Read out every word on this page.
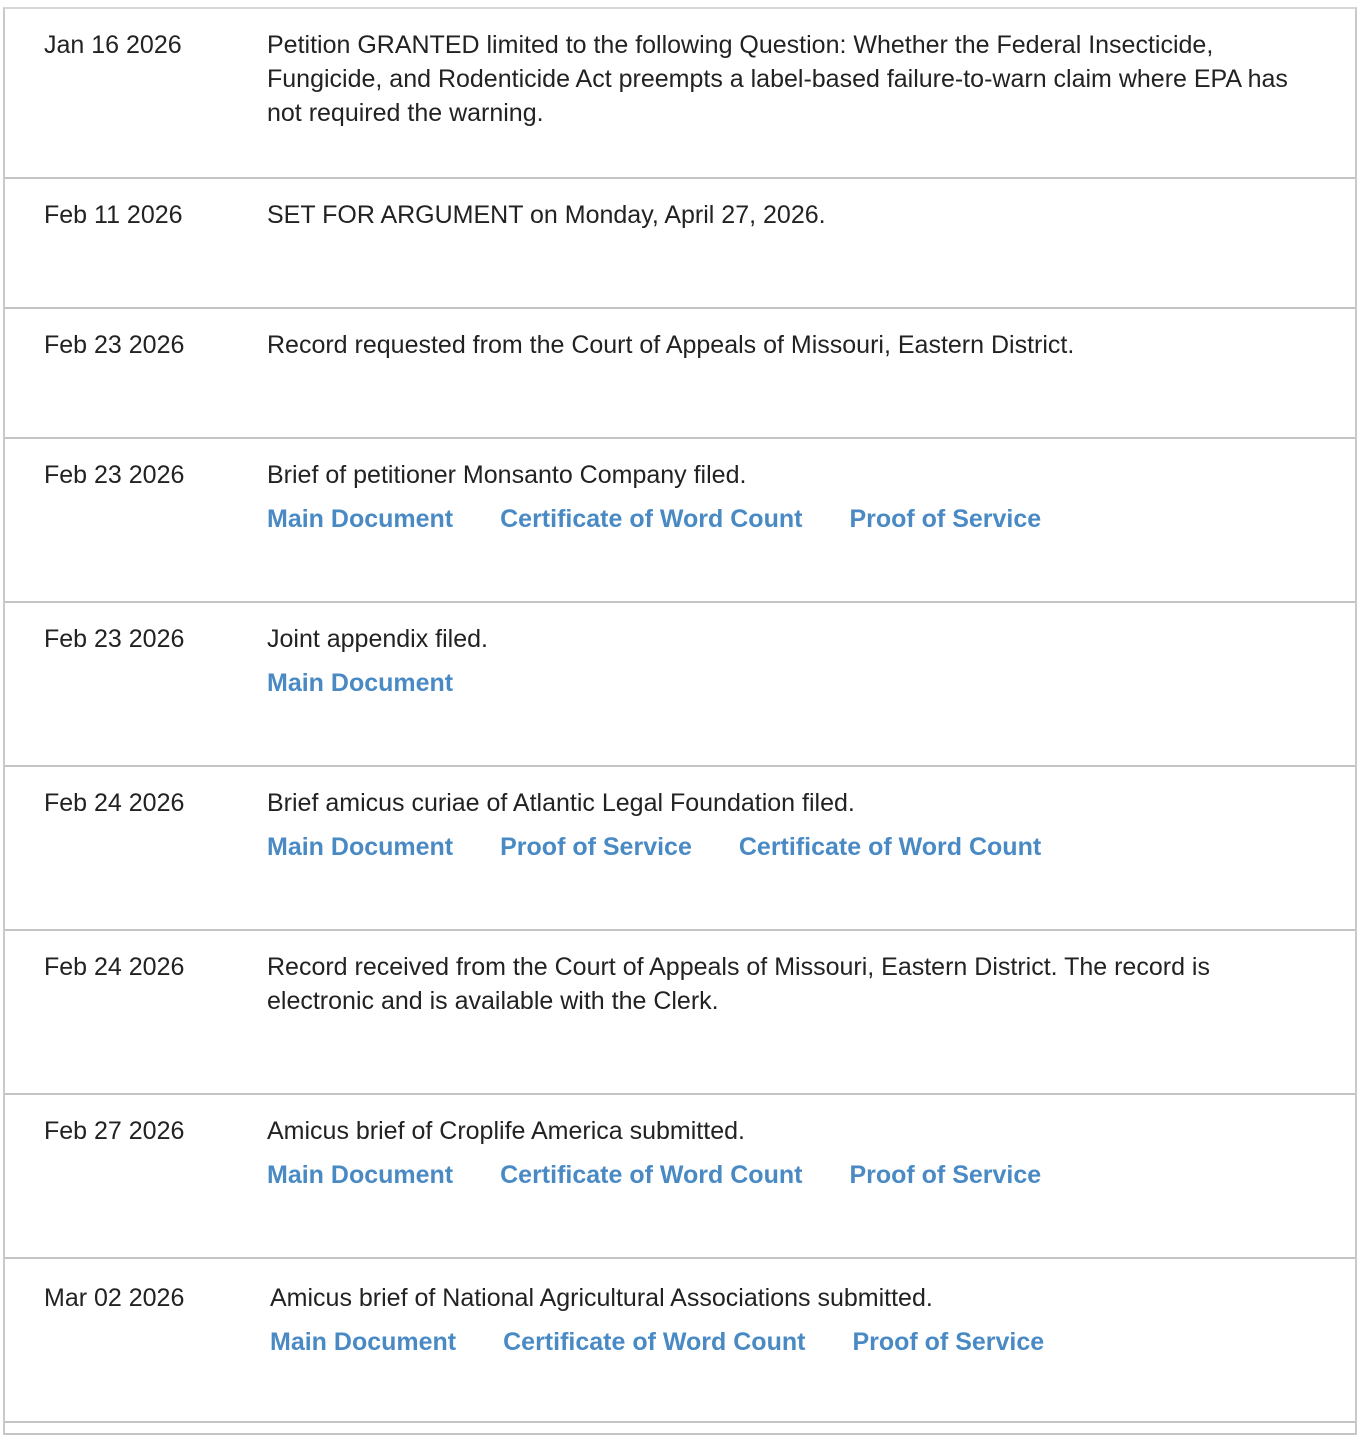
Jan 16 2026	Petition GRANTED limited to the following Question: Whether the Federal Insecticide, Fungicide, and Rodenticide Act preempts a label-based failure-to-warn claim where EPA has not required the warning.
Feb 11 2026	SET FOR ARGUMENT on Monday, April 27, 2026.
Feb 23 2026	Record requested from the Court of Appeals of Missouri, Eastern District.
Feb 23 2026	Brief of petitioner Monsanto Company filed.
Main Document Certificate of Word Count Proof of Service
Feb 23 2026	Joint appendix filed.
Main Document
Feb 24 2026	Brief amicus curiae of Atlantic Legal Foundation filed.
Main Document Proof of Service Certificate of Word Count
Feb 24 2026	Record received from the Court of Appeals of Missouri, Eastern District. The record is electronic and is available with the Clerk.
Feb 27 2026	Amicus brief of Croplife America submitted.
Main Document Certificate of Word Count Proof of Service
Mar 02 2026	Amicus brief of National Agricultural Associations submitted.
Main Document Certificate of Word Count Proof of Service
